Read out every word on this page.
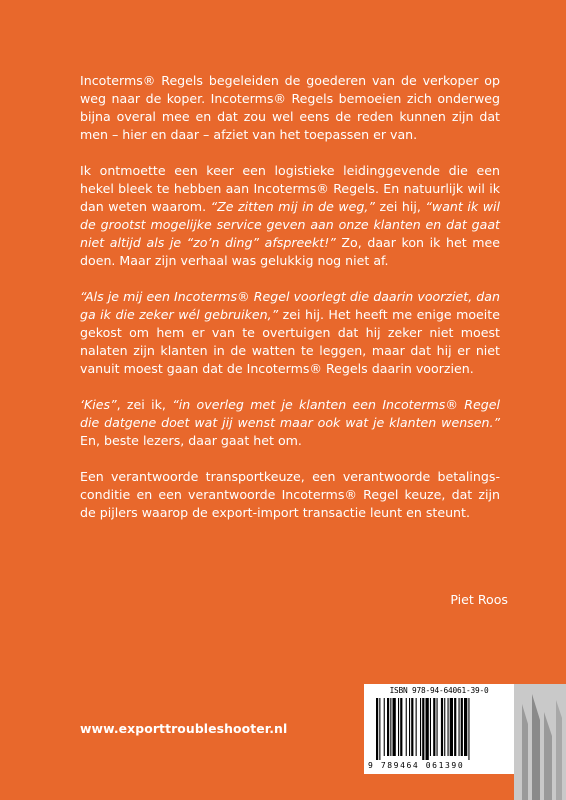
Incoterms® Regels begeleiden de goederen van de verkoper op weg naar de koper. Incoterms® Regels bemoeien zich onderweg bijna overal mee en dat zou wel eens de reden kunnen zijn dat men – hier en daar – afziet van het toepassen er van.

Ik ontmoette een keer een logistieke leidinggevende die een hekel bleek te hebben aan Incoterms® Regels. En natuurlijk wil ik dan weten waarom. “Ze zitten mij in de weg,” zei hij, “want ik wil de grootst mogelijke service geven aan onze klanten en dat gaat niet altijd als je “zo’n ding” afspreekt!” Zo, daar kon ik het mee doen. Maar zijn verhaal was gelukkig nog niet af.

“Als je mij een Incoterms® Regel voorlegt die daarin voorziet, dan ga ik die zeker wél gebruiken,” zei hij. Het heeft me enige moeite gekost om hem er van te overtuigen dat hij zeker niet moest nalaten zijn klanten in de watten te leggen, maar dat hij er niet vanuit moest gaan dat de Incoterms® Regels daarin voorzien.

‘Kies”, zei ik, “in overleg met je klanten een Incoterms® Regel die datgene doet wat jij wenst maar ook wat je klanten wensen.” En, beste lezers, daar gaat het om.

Een verantwoorde transportkeuze, een verantwoorde betalings-conditie en een verantwoorde Incoterms® Regel keuze, dat zijn de pijlers waarop de export-import transactie leunt en steunt.

Piet Roos
www.exporttroubleshooter.nl
ISBN 978-94-64061-39-0
9 789464 061390
